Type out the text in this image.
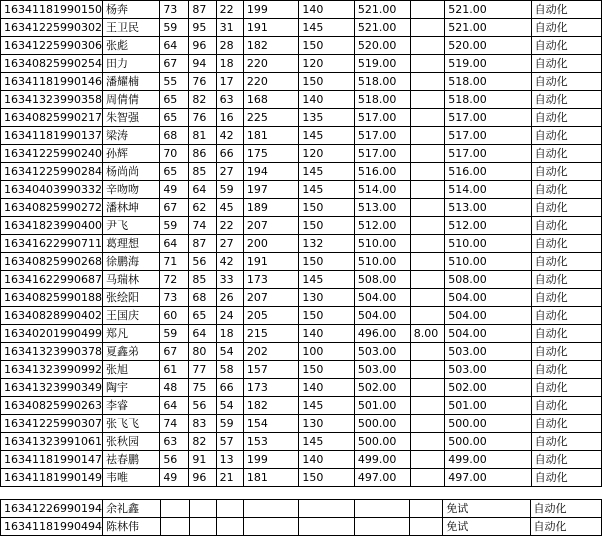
16341181990150	杨奔	73	87	22	199	140	521.00		521.00	自动化
16341225990302	王卫民	59	95	31	191	145	521.00		521.00	自动化
16341225990306	张彪	64	96	28	182	150	520.00		520.00	自动化
16340825990254	田力	67	94	18	220	120	519.00		519.00	自动化
16341181990146	潘耀楠	55	76	17	220	150	518.00		518.00	自动化
16341323990358	周倩倩	65	82	63	168	140	518.00		518.00	自动化
16340825990217	朱智强	65	76	16	225	135	517.00		517.00	自动化
16341181990137	梁涛	68	81	42	181	145	517.00		517.00	自动化
16341225990240	孙辉	70	86	66	175	120	517.00		517.00	自动化
16341225990284	杨尚尚	65	85	27	194	145	516.00		516.00	自动化
16340403990332	辛吻吻	49	64	59	197	145	514.00		514.00	自动化
16340825990272	潘林坤	67	62	45	189	150	513.00		513.00	自动化
16341823990400	尹飞	59	74	22	207	150	512.00		512.00	自动化
16341622990711	葛理想	64	87	27	200	132	510.00		510.00	自动化
16340825990268	徐鹏海	71	56	42	191	150	510.00		510.00	自动化
16341622990687	马瑞林	72	85	33	173	145	508.00		508.00	自动化
16340825990188	张绘阳	73	68	26	207	130	504.00		504.00	自动化
16340828990402	王国庆	60	65	24	205	150	504.00		504.00	自动化
16340201990499	郑凡	59	64	18	215	140	496.00	8.00	504.00	自动化
16341323990378	夏鑫弟	67	80	54	202	100	503.00		503.00	自动化
16341323990992	张旭	61	77	58	157	150	503.00		503.00	自动化
16341323990349	陶宇	48	75	66	173	140	502.00		502.00	自动化
16340825990263	李睿	64	56	54	182	145	501.00		501.00	自动化
16341225990307	张飞飞	74	83	59	154	130	500.00		500.00	自动化
16341323991061	张秋园	63	82	57	153	145	500.00		500.00	自动化
16341181990147	祛春鹏	56	91	13	199	140	499.00		499.00	自动化
16341181990149	韦唯	49	96	21	181	150	497.00		497.00	自动化
16341226990194	余礼鑫								免试	自动化
16341181990494	陈林伟								免试	自动化
